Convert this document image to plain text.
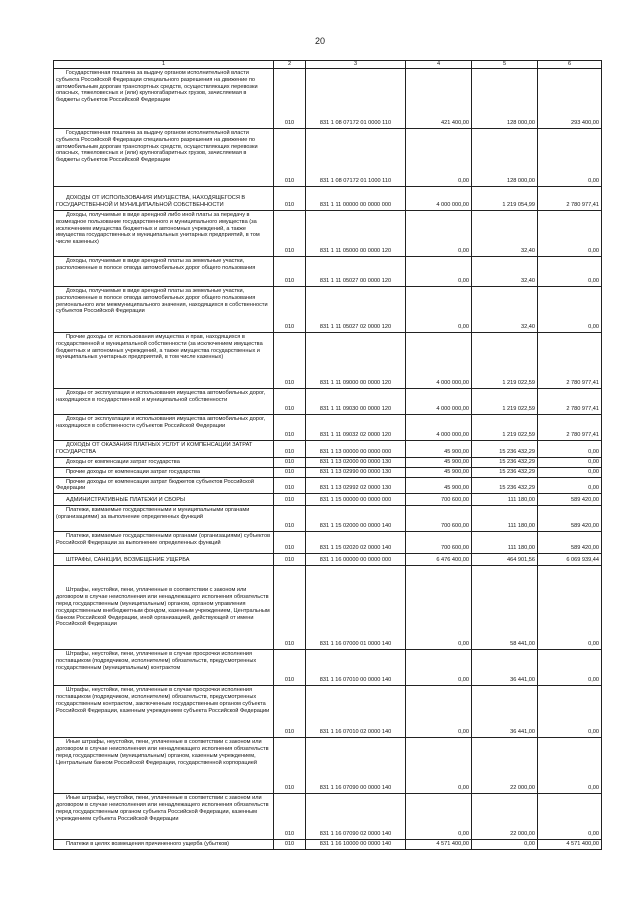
20
1	2	3	4	5	6

Государственная пошлина за выдачу органом исполнительной власти субъекта Российской Федерации специального разрешения на движение по автомобильным дорогам транспортных средств, осуществляющих перевозки опасных, тяжеловесных и (или) крупногабаритных грузов, зачисляемая в бюджеты субъектов Российской Федерации	010	831 1 08 07172 01 0000 110	421 400,00	128 000,00	293 400,00

Государственная пошлина за выдачу органом исполнительной власти субъекта Российской Федерации специального разрешения на движение по автомобильным дорогам транспортных средств, осуществляющих перевозки опасных, тяжеловесных и (или) крупногабаритных грузов, зачисляемая в бюджеты субъектов Российской Федерации	010	831 1 08 07172 01 1000 110	0,00	128 000,00	0,00

ДОХОДЫ ОТ ИСПОЛЬЗОВАНИЯ ИМУЩЕСТВА, НАХОДЯЩЕГОСЯ В ГОСУДАРСТВЕННОЙ И МУНИЦИПАЛЬНОЙ СОБСТВЕННОСТИ	010	831 1 11 00000 00 0000 000	4 000 000,00	1 219 054,99	2 780 977,41

Доходы, получаемые в виде арендной либо иной платы за передачу в возмездное пользование государственного и муниципального имущества (за исключением имущества бюджетных и автономных учреждений, а также имущества государственных и муниципальных унитарных предприятий, в том числе казенных)	010	831 1 11 05000 00 0000 120	0,00	32,40	0,00

Доходы, получаемые в виде арендной платы за земельные участки, расположенные в полосе отвода автомобильных дорог общего пользования	010	831 1 11 05027 00 0000 120	0,00	32,40	0,00

Доходы, получаемые в виде арендной платы за земельные участки, расположенные в полосе отвода автомобильных дорог общего пользования регионального или межмуниципального значения, находящихся в собственности субъектов Российской Федерации	010	831 1 11 05027 02 0000 120	0,00	32,40	0,00

Прочие доходы от использования имущества и прав, находящихся в государственной и муниципальной собственности (за исключением имущества бюджетных и автономных учреждений, а также имущества государственных и муниципальных унитарных предприятий, в том числе казенных)	010	831 1 11 09000 00 0000 120	4 000 000,00	1 219 022,59	2 780 977,41

Доходы от эксплуатации и использования имущества автомобильных дорог, находящихся в государственной и муниципальной собственности	010	831 1 11 09030 00 0000 120	4 000 000,00	1 219 022,59	2 780 977,41

Доходы от эксплуатации и использования имущества автомобильных дорог, находящихся в собственности субъектов Российской Федерации	010	831 1 11 09032 02 0000 120	4 000 000,00	1 219 022,59	2 780 977,41

ДОХОДЫ ОТ ОКАЗАНИЯ ПЛАТНЫХ УСЛУГ И КОМПЕНСАЦИИ ЗАТРАТ ГОСУДАРСТВА	010	831 1 13 00000 00 0000 000	45 900,00	15 236 432,29	0,00

Доходы от компенсации затрат государства	010	831 1 13 02000 00 0000 130	45 900,00	15 236 432,29	0,00

Прочие доходы от компенсации затрат государства	010	831 1 13 02990 00 0000 130	45 900,00	15 236 432,29	0,00

Прочие доходы от компенсации затрат бюджетов субъектов Российской Федерации	010	831 1 13 02992 02 0000 130	45 900,00	15 236 432,29	0,00

АДМИНИСТРАТИВНЫЕ ПЛАТЕЖИ И СБОРЫ	010	831 1 15 00000 00 0000 000	700 600,00	111 180,00	589 420,00

Платежи, взимаемые государственными и муниципальными органами (организациями) за выполнение определенных функций	010	831 1 15 02000 00 0000 140	700 600,00	111 180,00	589 420,00

Платежи, взимаемые государственными органами (организациями) субъектов Российской Федерации за выполнение определенных функций	010	831 1 15 02020 02 0000 140	700 600,00	111 180,00	589 420,00

ШТРАФЫ, САНКЦИИ, ВОЗМЕЩЕНИЕ УЩЕРБА	010	831 1 16 00000 00 0000 000	6 476 400,00	464 901,56	6 069 939,44

Штрафы, неустойки, пени, уплаченные в соответствии с законом или договором в случае неисполнения или ненадлежащего исполнения обязательств перед государственным (муниципальным) органом, органом управления государственным внебюджетным фондом, казенным учреждением, Центральным банком Российской Федерации, иной организацией, действующей от имени Российской Федерации	010	831 1 16 07000 01 0000 140	0,00	58 441,00	0,00

Штрафы, неустойки, пени, уплаченные в случае просрочки исполнения поставщиком (подрядчиком, исполнителем) обязательств, предусмотренных государственным (муниципальным) контрактом	010	831 1 16 07010 00 0000 140	0,00	36 441,00	0,00

Штрафы, неустойки, пени, уплаченные в случае просрочки исполнения поставщиком (подрядчиком, исполнителем) обязательств, предусмотренных государственным контрактом, заключенным государственным органом субъекта Российской Федерации, казенным учреждением субъекта Российской Федерации	010	831 1 16 07010 02 0000 140	0,00	36 441,00	0,00

Иные штрафы, неустойки, пени, уплаченные в соответствии с законом или договором в случае неисполнения или ненадлежащего исполнения обязательств перед государственным (муниципальным) органом, казенным учреждением, Центральным банком Российской Федерации, государственной корпорацией	010	831 1 16 07090 00 0000 140	0,00	22 000,00	0,00

Иные штрафы, неустойки, пени, уплаченные в соответствии с законом или договором в случае неисполнения или ненадлежащего исполнения обязательств перед государственным органом субъекта Российской Федерации, казенным учреждением субъекта Российской Федерации	010	831 1 16 07090 02 0000 140	0,00	22 000,00	0,00

Платежи в целях возмещения причиненного ущерба (убытков)	010	831 1 16 10000 00 0000 140	4 571 400,00	0,00	4 571 400,00
